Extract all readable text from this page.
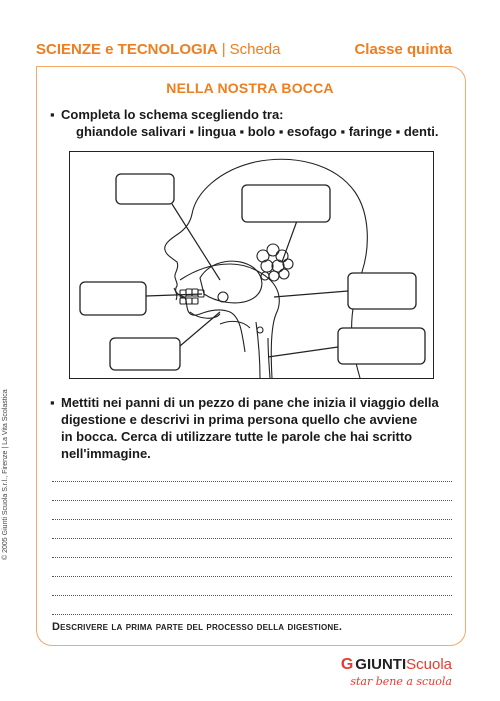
SCIENZE e TECNOLOGIA | Scheda	Classe quinta
NELLA NOSTRA BOCCA
▪ Completa lo schema scegliendo tra:
ghiandole salivari ▪ lingua ▪ bolo ▪ esofago ▪ faringe ▪ denti.
▪ Mettiti nei panni di un pezzo di pane che inizia il viaggio della
digestione e descrivi in prima persona quello che avviene
in bocca. Cerca di utilizzare tutte le parole che hai scritto
nell'immagine.
Descrivere la prima parte del processo della digestione.
© 2005 Giunti Scuola S.r.l., Firenze | La Vita Scolastica
G GIUNTIScuola
star bene a scuola
